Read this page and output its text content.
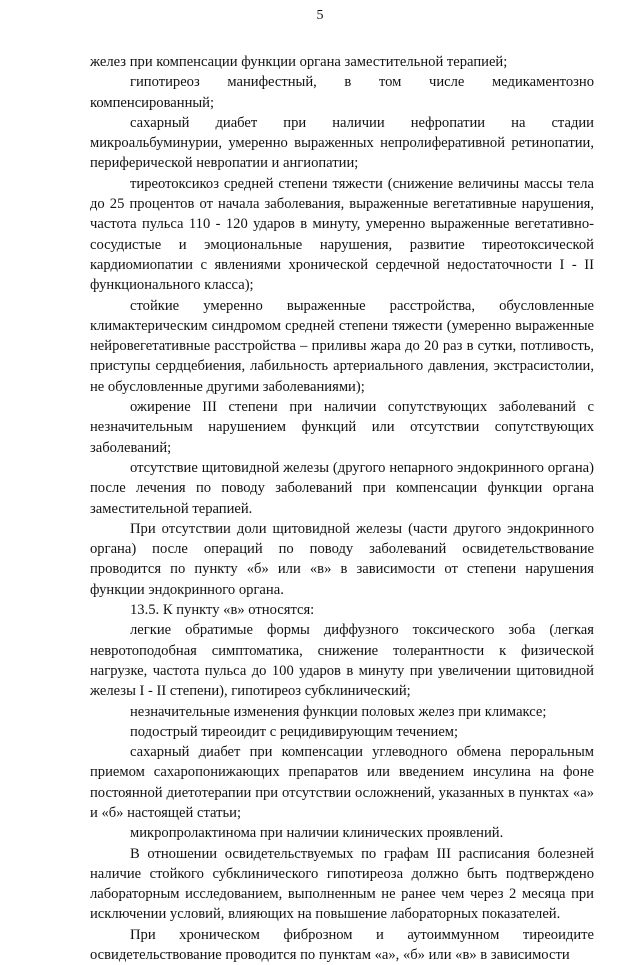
5

желез при компенсации функции органа заместительной терапией;

гипотиреоз манифестный, в том числе медикаментозно компенсированный;

сахарный диабет при наличии нефропатии на стадии микроальбуминурии, умеренно выраженных непролиферативной ретинопатии, периферической невропатии и ангиопатии;

тиреотоксикоз средней степени тяжести (снижение величины массы тела до 25 процентов от начала заболевания, выраженные вегетативные нарушения, частота пульса 110 - 120 ударов в минуту, умеренно выраженные вегетативно-сосудистые и эмоциональные нарушения, развитие тиреотоксической кардиомиопатии с явлениями хронической сердечной недостаточности I - II функционального класса);

стойкие умеренно выраженные расстройства, обусловленные климактерическим синдромом средней степени тяжести (умеренно выраженные нейровегетативные расстройства – приливы жара до 20 раз в сутки, потливость, приступы сердцебиения, лабильность артериального давления, экстрасистолии, не обусловленные другими заболеваниями);

ожирение III степени при наличии сопутствующих заболеваний с незначительным нарушением функций или отсутствии сопутствующих заболеваний;

отсутствие щитовидной железы (другого непарного эндокринного органа) после лечения по поводу заболеваний при компенсации функции органа заместительной терапией.

При отсутствии доли щитовидной железы (части другого эндокринного органа) после операций по поводу заболеваний освидетельствование проводится по пункту «б» или «в» в зависимости от степени нарушения функции эндокринного органа.

13.5. К пункту «в» относятся:

легкие обратимые формы диффузного токсического зоба (легкая невротоподобная симптоматика, снижение толерантности к физической нагрузке, частота пульса до 100 ударов в минуту при увеличении щитовидной железы I - II степени), гипотиреоз субклинический;

незначительные изменения функции половых желез при климаксе;

подострый тиреоидит с рецидивирующим течением;

сахарный диабет при компенсации углеводного обмена пероральным приемом сахаропонижающих препаратов или введением инсулина на фоне постоянной диетотерапии при отсутствии осложнений, указанных в пунктах «а» и «б» настоящей статьи;

микропролактинома при наличии клинических проявлений.

В отношении освидетельствуемых по графам III расписания болезней наличие стойкого субклинического гипотиреоза должно быть подтверждено лабораторным исследованием, выполненным не ранее чем через 2 месяца при исключении условий, влияющих на повышение лабораторных показателей.

При хроническом фиброзном и аутоиммунном тиреоидите освидетельствование проводится по пунктам «а», «б» или «в» в зависимости
